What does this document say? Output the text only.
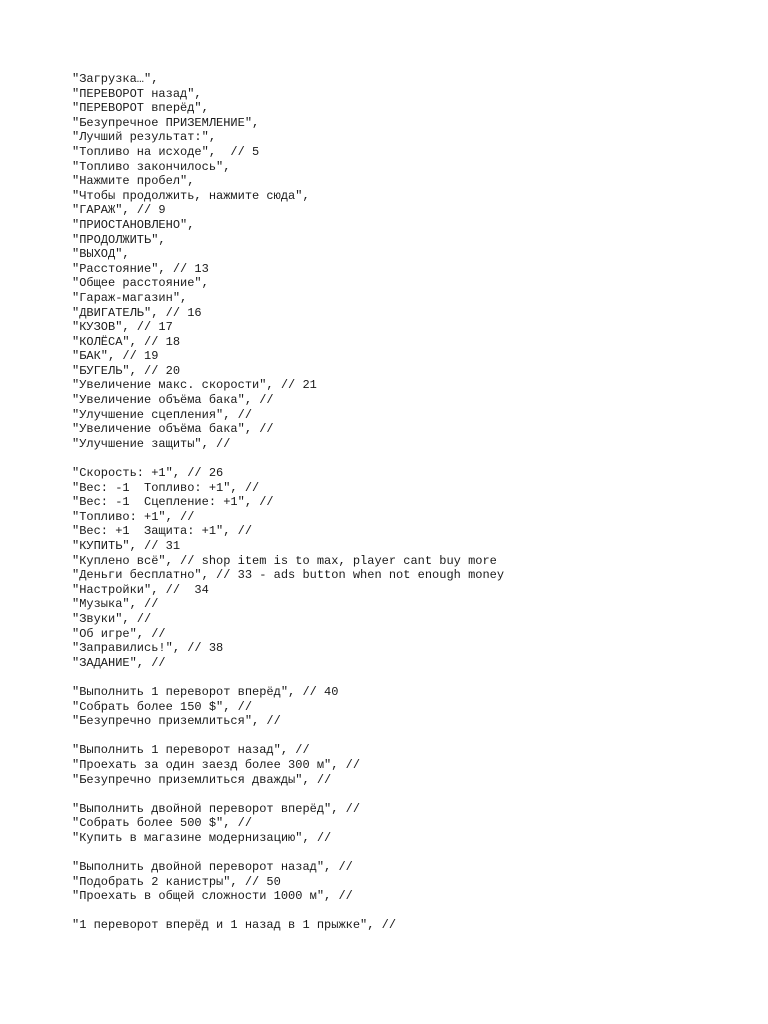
"Загрузка…",
"ПЕРЕВОРОТ назад",
"ПЕРЕВОРОТ вперёд",
"Безупречное ПРИЗЕМЛЕНИЕ",
"Лучший результат:",
"Топливо на исходе",  // 5
"Топливо закончилось",
"Нажмите пробел",
"Чтобы продолжить, нажмите сюда",
"ГАРАЖ", // 9
"ПРИОСТАНОВЛЕНО",
"ПРОДОЛЖИТЬ",
"ВЫХОД",
"Расстояние", // 13
"Общее расстояние",
"Гараж-магазин",
"ДВИГАТЕЛЬ", // 16
"КУЗОВ", // 17
"КОЛЁСА", // 18
"БАК", // 19
"БУГЕЛЬ", // 20
"Увеличение макс. скорости", // 21
"Увеличение объёма бака", //
"Улучшение сцепления", //
"Увеличение объёма бака", //
"Улучшение защиты", //
"Скорость: +1", // 26
"Вес: -1  Топливо: +1", //
"Вес: -1  Сцепление: +1", //
"Топливо: +1", //
"Вес: +1  Защита: +1", //
"КУПИТЬ", // 31
"Куплено всё", // shop item is to max, player cant buy more
"Деньги бесплатно", // 33 - ads button when not enough money
"Настройки", //  34
"Музыка", //
"Звуки", //
"Об игре", //
"Заправились!", // 38
"ЗАДАНИЕ", //
"Выполнить 1 переворот вперёд", // 40
"Собрать более 150 $", //
"Безупречно приземлиться", //
"Выполнить 1 переворот назад", //
"Проехать за один заезд более 300 м", //
"Безупречно приземлиться дважды", //
"Выполнить двойной переворот вперёд", //
"Собрать более 500 $", //
"Купить в магазине модернизацию", //
"Выполнить двойной переворот назад", //
"Подобрать 2 канистры", // 50
"Проехать в общей сложности 1000 м", //
"1 переворот вперёд и 1 назад в 1 прыжке", //
